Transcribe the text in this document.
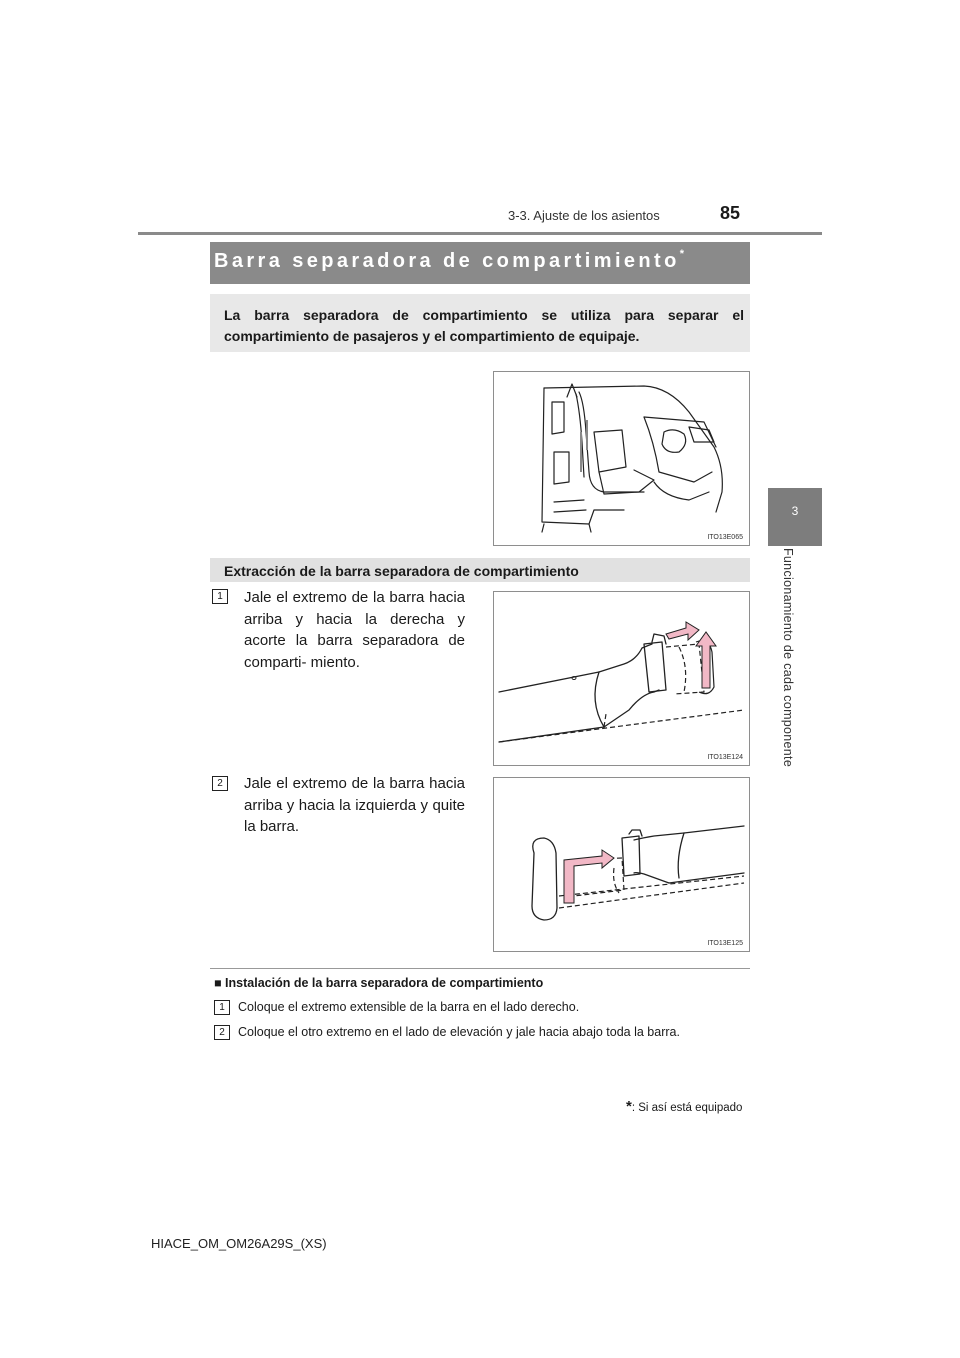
3-3. Ajuste de los asientos	85
3
Funcionamiento de cada componente
Barra separadora de compartimiento*
La barra separadora de compartimiento se utiliza para separar el compartimiento de pasajeros y el compartimiento de equipaje.
ITO13E065
Extracción de la barra separadora de compartimiento
1	Jale el extremo de la barra hacia arriba y hacia la derecha y acorte la barra separadora de comparti- miento.
ITO13E124
2	Jale el extremo de la barra hacia arriba y hacia la izquierda y quite la barra.
ITO13E125
■ Instalación de la barra separadora de compartimiento
1	Coloque el extremo extensible de la barra en el lado derecho.
2	Coloque el otro extremo en el lado de elevación y jale hacia abajo toda la barra.
*: Si así está equipado
HIACE_OM_OM26A29S_(XS)
